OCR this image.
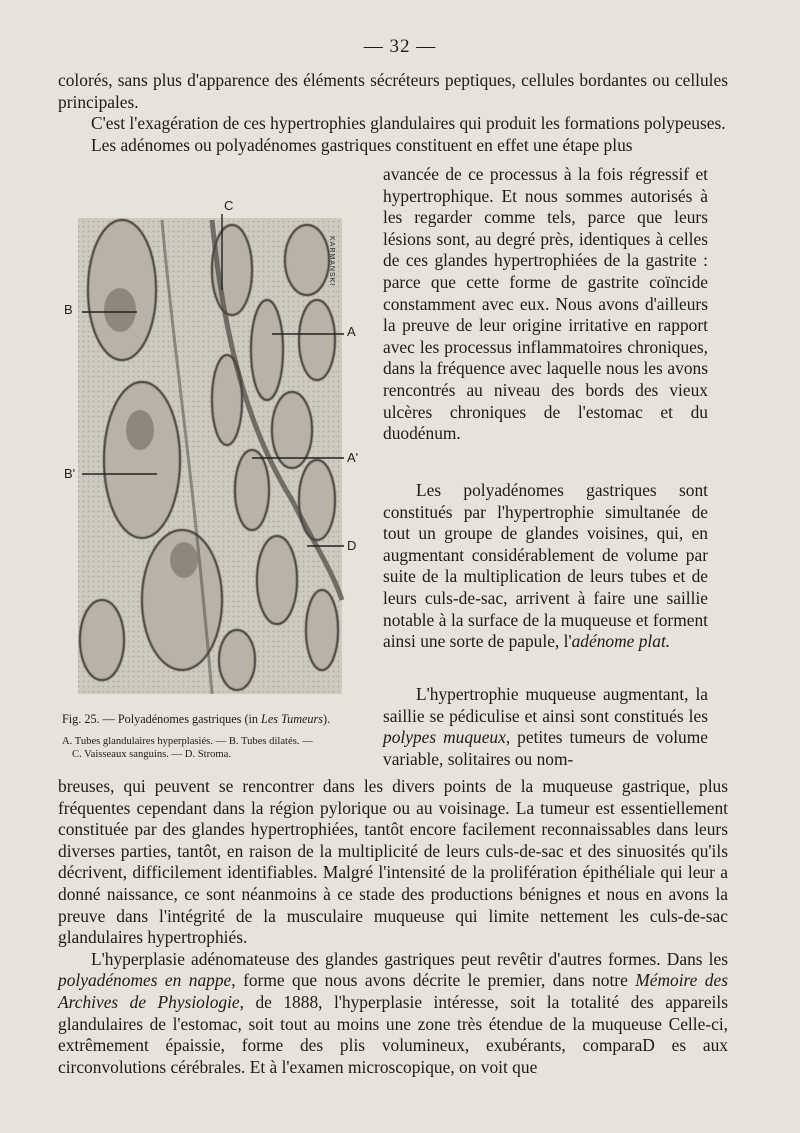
— 32 —

colorés, sans plus d'apparence des éléments sécréteurs peptiques, cellules bordantes ou cellules principales.

C'est l'exagération de ces hypertrophies glandulaires qui produit les formations polypeuses.

Les adénomes ou polyadénomes gastriques constituent en effet une étape plus

avancée de ce processus à la fois régressif et hypertrophique. Et nous sommes autorisés à les regarder comme tels, parce que leurs lésions sont, au degré près, identiques à celles de ces glandes hypertrophiées de la gastrite : parce que cette forme de gastrite coïncide constamment avec eux. Nous avons d'ailleurs la preuve de leur origine irritative en rapport avec les processus inflammatoires chroniques, dans la fréquence avec laquelle nous les avons rencontrés au niveau des bords des vieux ulcères chroniques de l'estomac et du duodénum.
Les polyadénomes gastriques sont constitués par l'hypertrophie simultanée de tout un groupe de glandes voisines, qui, en augmentant considérablement de volume par suite de la multiplication de leurs tubes et de leurs culs-de-sac, arrivent à faire une saillie notable à la surface de la muqueuse et forment ainsi une sorte de papule, l'adénome plat.
L'hypertrophie muqueuse augmentant, la saillie se pédiculise et ainsi sont constitués les polypes muqueux, petites tumeurs de volume variable, solitaires ou nom-
C
B
A
A'
B'
D
KARMANSKI
Fig. 25. — Polyadénomes gastriques (in Les Tumeurs).
A. Tubes glandulaires hyperplasiés. — B. Tubes dilatés. —
C. Vaisseaux sanguins. — D. Stroma.

breuses, qui peuvent se rencontrer dans les divers points de la muqueuse gastrique, plus fréquentes cependant dans la région pylorique ou au voisinage. La tumeur est essentiellement constituée par des glandes hypertrophiées, tantôt encore facilement reconnaissables dans leurs diverses parties, tantôt, en raison de la multiplicité de leurs culs-de-sac et des sinuosités qu'ils décrivent, difficilement identifiables. Malgré l'intensité de la prolifération épithéliale qui leur a donné naissance, ce sont néanmoins à ce stade des productions bénignes et nous en avons la preuve dans l'intégrité de la musculaire muqueuse qui limite nettement les culs-de-sac glandulaires hypertrophiés.

L'hyperplasie adénomateuse des glandes gastriques peut revêtir d'autres formes. Dans les polyadénomes en nappe, forme que nous avons décrite le premier, dans notre Mémoire des Archives de Physiologie, de 1888, l'hyperplasie intéresse, soit la totalité des appareils glandulaires de l'estomac, soit tout au moins une zone très étendue de la muqueuse Celle-ci, extrêmement épaissie, forme des plis volumineux, exubérants, comparaD es aux circonvolutions cérébrales. Et à l'examen microscopique, on voit que
